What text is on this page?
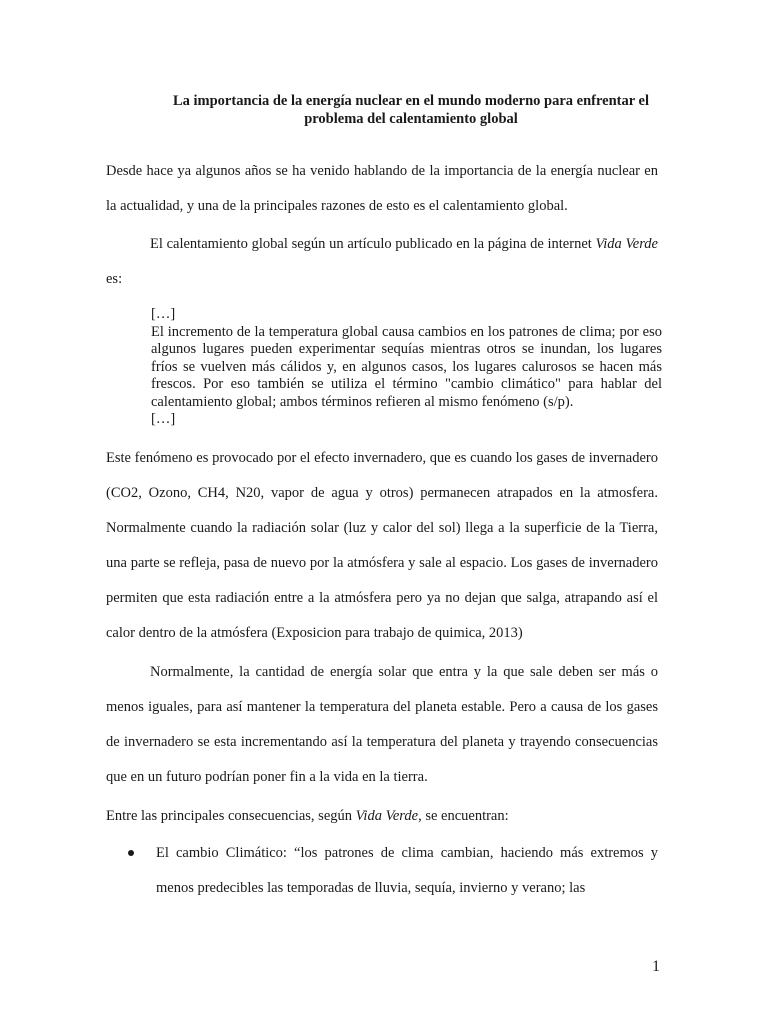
La importancia de la energía nuclear en el mundo moderno para enfrentar el
problema del calentamiento global

Desde hace ya algunos años se ha venido hablando de la importancia de la energía nuclear en la actualidad, y una de la principales razones de esto es el calentamiento global.

El calentamiento global según un artículo publicado en la página de internet Vida Verde es:

[…]

El incremento de la temperatura global causa cambios en los patrones de clima; por eso algunos lugares pueden experimentar sequías mientras otros se inundan, los lugares fríos se vuelven más cálidos y, en algunos casos, los lugares calurosos se hacen más frescos. Por eso también se utiliza el término "cambio climático" para hablar del calentamiento global; ambos términos refieren al mismo fenómeno (s/p).

[…]

Este fenómeno es provocado por el efecto invernadero, que es cuando los gases de invernadero (CO2, Ozono, CH4, N20, vapor de agua y otros) permanecen atrapados en la atmosfera. Normalmente cuando la radiación solar (luz y calor del sol) llega a la superficie de la Tierra, una parte se refleja, pasa de nuevo por la atmósfera y sale al espacio. Los gases de invernadero permiten que esta radiación entre a la atmósfera pero ya no dejan que salga, atrapando así el calor dentro de la atmósfera (Exposicion para trabajo de quimica, 2013)

Normalmente, la cantidad de energía solar que entra y la que sale deben ser más o menos iguales, para así mantener la temperatura del planeta estable. Pero a causa de los gases de invernadero se esta incrementando así la temperatura del planeta y trayendo consecuencias que en un futuro podrían poner fin a la vida en la tierra.

Entre las principales consecuencias, según Vida Verde, se encuentran:

El cambio Climático: “los patrones de clima cambian, haciendo más extremos y menos predecibles las temporadas de lluvia, sequía, invierno y verano; las

1
